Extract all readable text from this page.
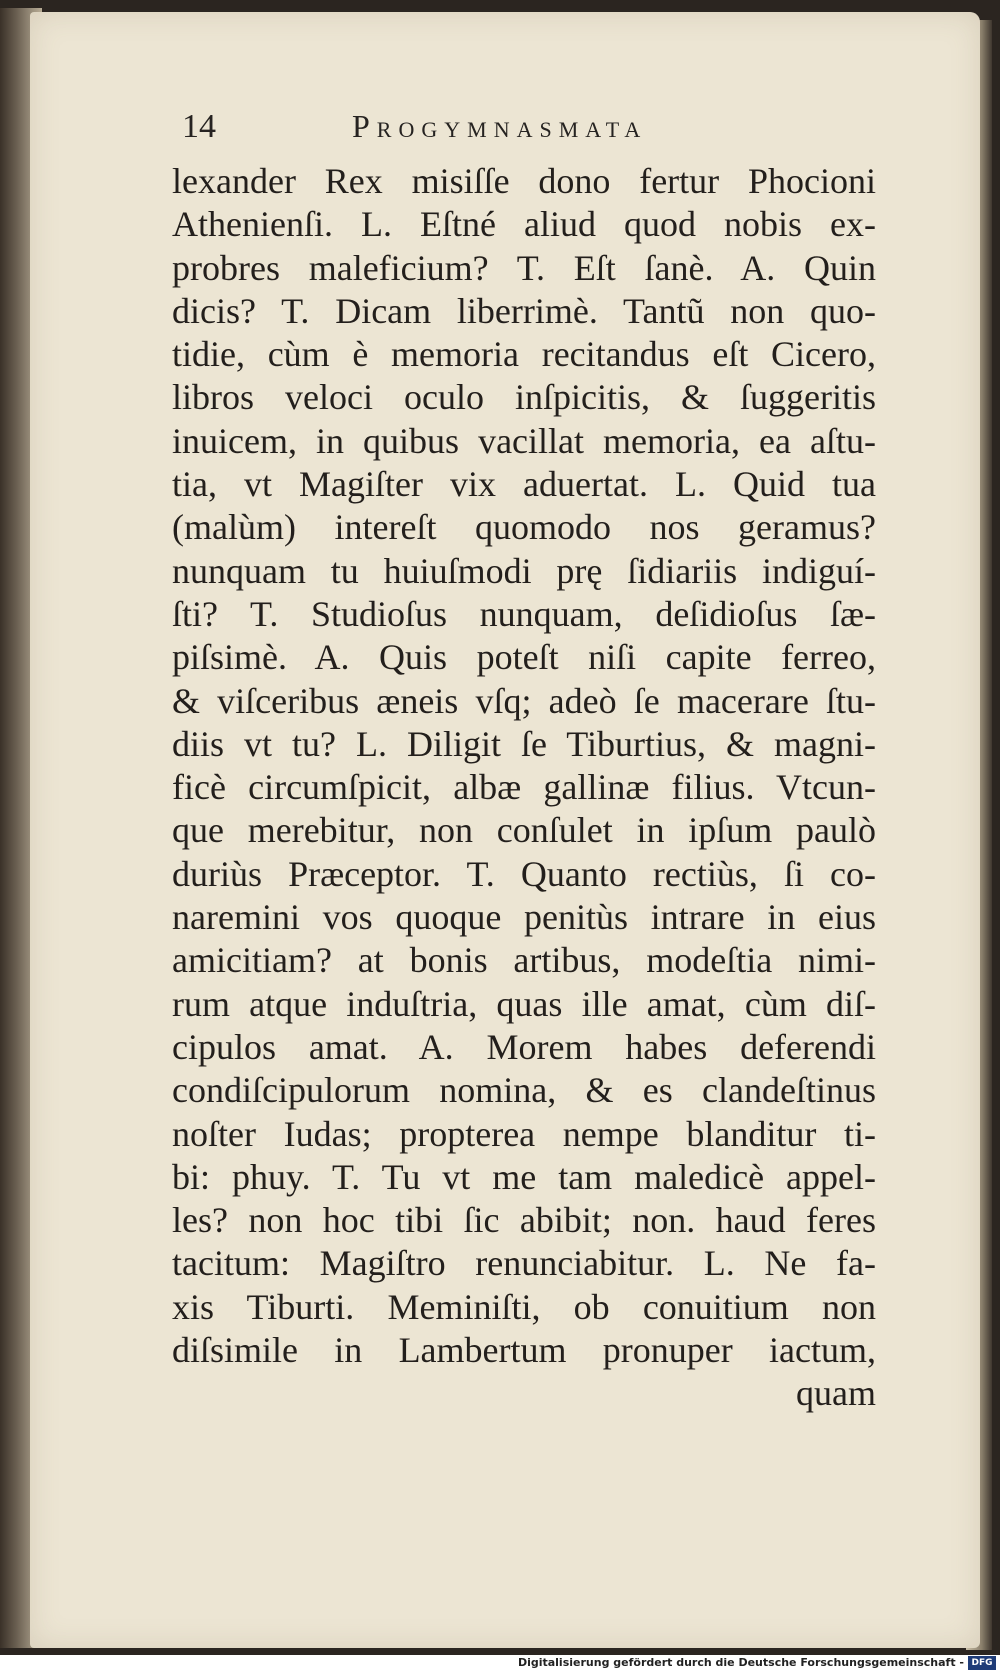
14	Progymnasmata
lexander Rex misiſſe dono fertur Phocioni
Athenienſi. L. Eſtné aliud quod nobis ex-
probres maleficium? T. Eſt ſanè. A. Quin
dicis? T. Dicam liberrimè. Tantũ non quo-
tidie, cùm è memoria recitandus eſt Cicero,
libros veloci oculo inſpicitis, & ſuggeritis
inuicem, in quibus vacillat memoria, ea aſtu-
tia, vt Magiſter vix aduertat. L. Quid tua
(malùm) intereſt quomodo nos geramus?
nunquam tu huiuſmodi prę ſidiariis indiguí-
ſti? T. Studioſus nunquam, deſidioſus ſæ-
piſsimè. A. Quis poteſt niſi capite ferreo,
& viſceribus æneis vſq; adeò ſe macerare ſtu-
diis vt tu? L. Diligit ſe Tiburtius, & magni-
ficè circumſpicit, albæ gallinæ filius. Vtcun-
que merebitur, non conſulet in ipſum paulò
duriùs Præceptor. T. Quanto rectiùs, ſi co-
naremini vos quoque penitùs intrare in eius
amicitiam? at bonis artibus, modeſtia nimi-
rum atque induſtria, quas ille amat, cùm diſ-
cipulos amat. A. Morem habes deferendi
condiſcipulorum nomina, & es clandeſtinus
noſter Iudas; propterea nempe blanditur ti-
bi: phuy. T. Tu vt me tam maledicè appel-
les? non hoc tibi ſic abibit; non. haud feres
tacitum: Magiſtro renunciabitur. L. Ne fa-
xis Tiburti. Meminiſti, ob conuitium non
diſsimile in Lambertum pronuper iactum,
quam
Digitalisierung gefördert durch die Deutsche Forschungsgemeinschaft - DFG
